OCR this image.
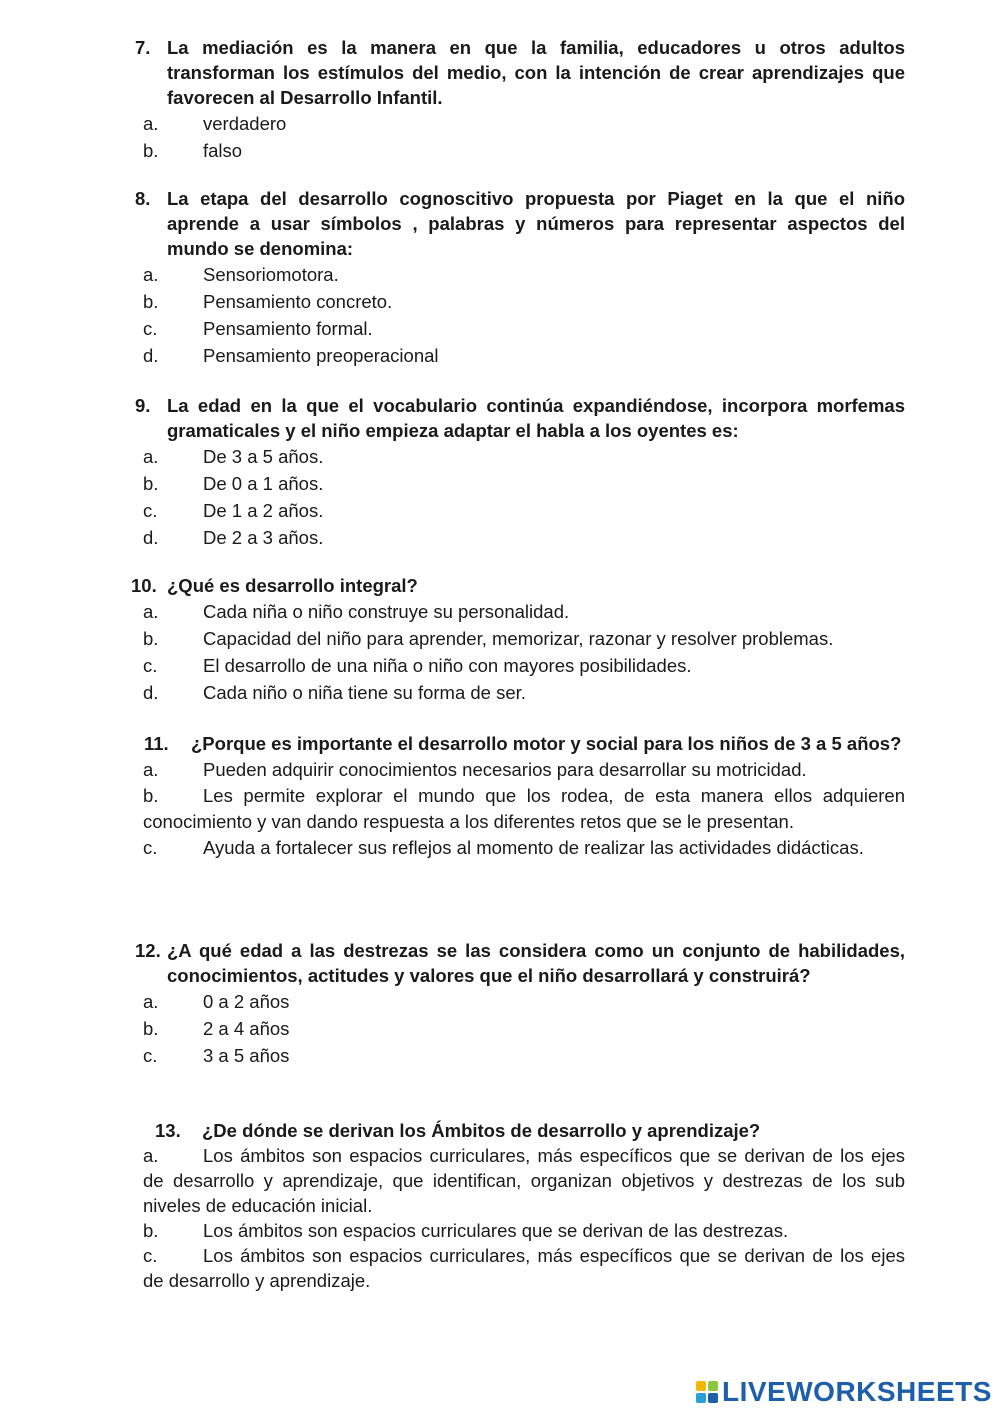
7. La mediación es la manera en que la familia, educadores u otros adultos transforman los estímulos del medio, con la intención de crear aprendizajes que favorecen al Desarrollo Infantil.
a.	verdadero
b.	falso
8. La etapa del desarrollo cognoscitivo propuesta por Piaget en la que el niño aprende a usar símbolos , palabras y números para representar aspectos del mundo se denomina:
a.	Sensoriomotora.
b.	Pensamiento concreto.
c.	Pensamiento formal.
d.	Pensamiento preoperacional
9. La edad en la que el vocabulario continúa expandiéndose, incorpora morfemas gramaticales y el niño empieza adaptar el habla a los oyentes es:
a.	De 3 a 5 años.
b.	De 0 a 1 años.
c.	De 1 a 2 años.
d.	De 2 a 3 años.
10. ¿Qué es desarrollo integral?
a.	Cada niña o niño construye su personalidad.
b.	Capacidad del niño para aprender, memorizar, razonar y resolver problemas.
c.	El desarrollo de una niña o niño con mayores posibilidades.
d.	Cada niño o niña tiene su forma de ser.
11.	¿Porque es importante el desarrollo motor y social para los niños de 3 a 5 años?
a.	Pueden adquirir conocimientos necesarios para desarrollar su motricidad.
b. Les permite explorar el mundo que los rodea, de esta manera ellos adquieren conocimiento y van dando respuesta a los diferentes retos que se le presentan.
c. Ayuda a fortalecer sus reflejos al momento de realizar las actividades didácticas.
12. ¿A qué edad a las destrezas se las considera como un conjunto de habilidades, conocimientos, actitudes y valores que el niño desarrollará y construirá?
a.	0 a 2 años
b.	2 a 4 años
c.	3 a 5 años
13.	¿De dónde se derivan los Ámbitos de desarrollo y aprendizaje?
a. Los ámbitos son espacios curriculares, más específicos que se derivan de los ejes de desarrollo y aprendizaje, que identifican, organizan objetivos y destrezas de los sub niveles de educación inicial.
b. Los ámbitos son espacios curriculares que se derivan de las destrezas.
c. Los ámbitos son espacios curriculares, más específicos que se derivan de los ejes de desarrollo y aprendizaje.
LIVEWORKSHEETS
